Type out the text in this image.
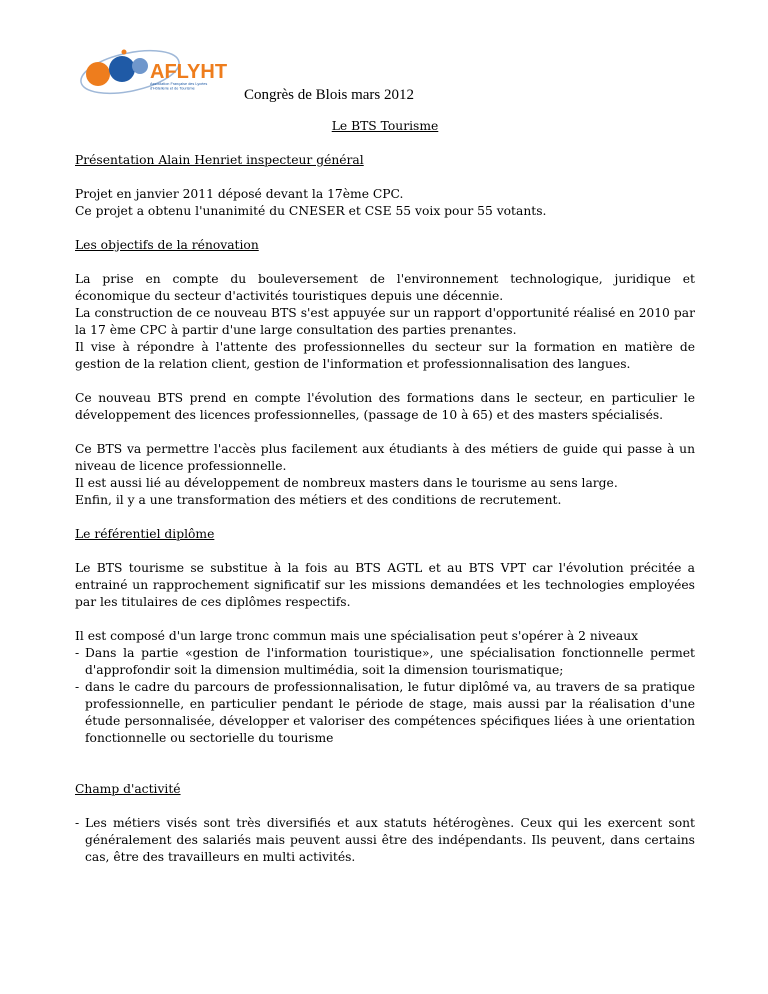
AFLYHT
Association Française des Lycées
d'Hôtellerie et de Tourisme	Congrès de Blois mars 2012

Le BTS Tourisme

Présentation Alain Henriet inspecteur général

Projet en janvier 2011 déposé devant la 17ème CPC.
Ce projet a obtenu l'unanimité du CNESER et CSE 55 voix pour 55 votants.

Les objectifs de la rénovation

La prise en compte du bouleversement de l'environnement technologique, juridique et économique du secteur d'activités touristiques depuis une décennie.
La construction de ce nouveau BTS s'est appuyée sur un rapport d'opportunité réalisé en 2010 par la 17 ème CPC à partir d'une large consultation des parties prenantes.
Il vise à répondre à l'attente des professionnelles du secteur sur la formation en matière de gestion de la relation client, gestion de l'information et professionnalisation des langues.

Ce nouveau BTS prend en compte l'évolution des formations dans le secteur, en particulier le développement des licences professionnelles, (passage de 10 à 65) et des masters spécialisés.

Ce BTS va permettre l'accès plus facilement aux étudiants à des métiers de guide qui passe à un niveau de licence professionnelle.
Il est aussi lié au développement de nombreux masters dans le tourisme au sens large.
Enfin, il y a une transformation des métiers et des conditions de recrutement.

Le référentiel diplôme

Le BTS tourisme se substitue à la fois au BTS AGTL et au BTS VPT car l'évolution précitée a entrainé un rapprochement significatif sur les missions demandées et les technologies employées par les titulaires de ces diplômes respectifs.

Il est composé d'un large tronc commun mais une spécialisation peut s'opérer à 2 niveaux

- Dans la partie «gestion de l'information touristique», une spécialisation fonctionnelle permet d'approfondir soit la dimension multimédia, soit la dimension tourismatique;
- dans le cadre du parcours de professionnalisation, le futur diplômé va, au travers de sa pratique professionnelle, en particulier pendant le période de stage, mais aussi par la réalisation d'une étude personnalisée, développer et valoriser des compétences spécifiques liées à une orientation fonctionnelle ou sectorielle du tourisme

Champ d'activité

- Les métiers visés sont très diversifiés et aux statuts hétérogènes. Ceux qui les exercent sont généralement des salariés mais peuvent aussi être des indépendants. Ils peuvent, dans certains cas, être des travailleurs en multi activités.
